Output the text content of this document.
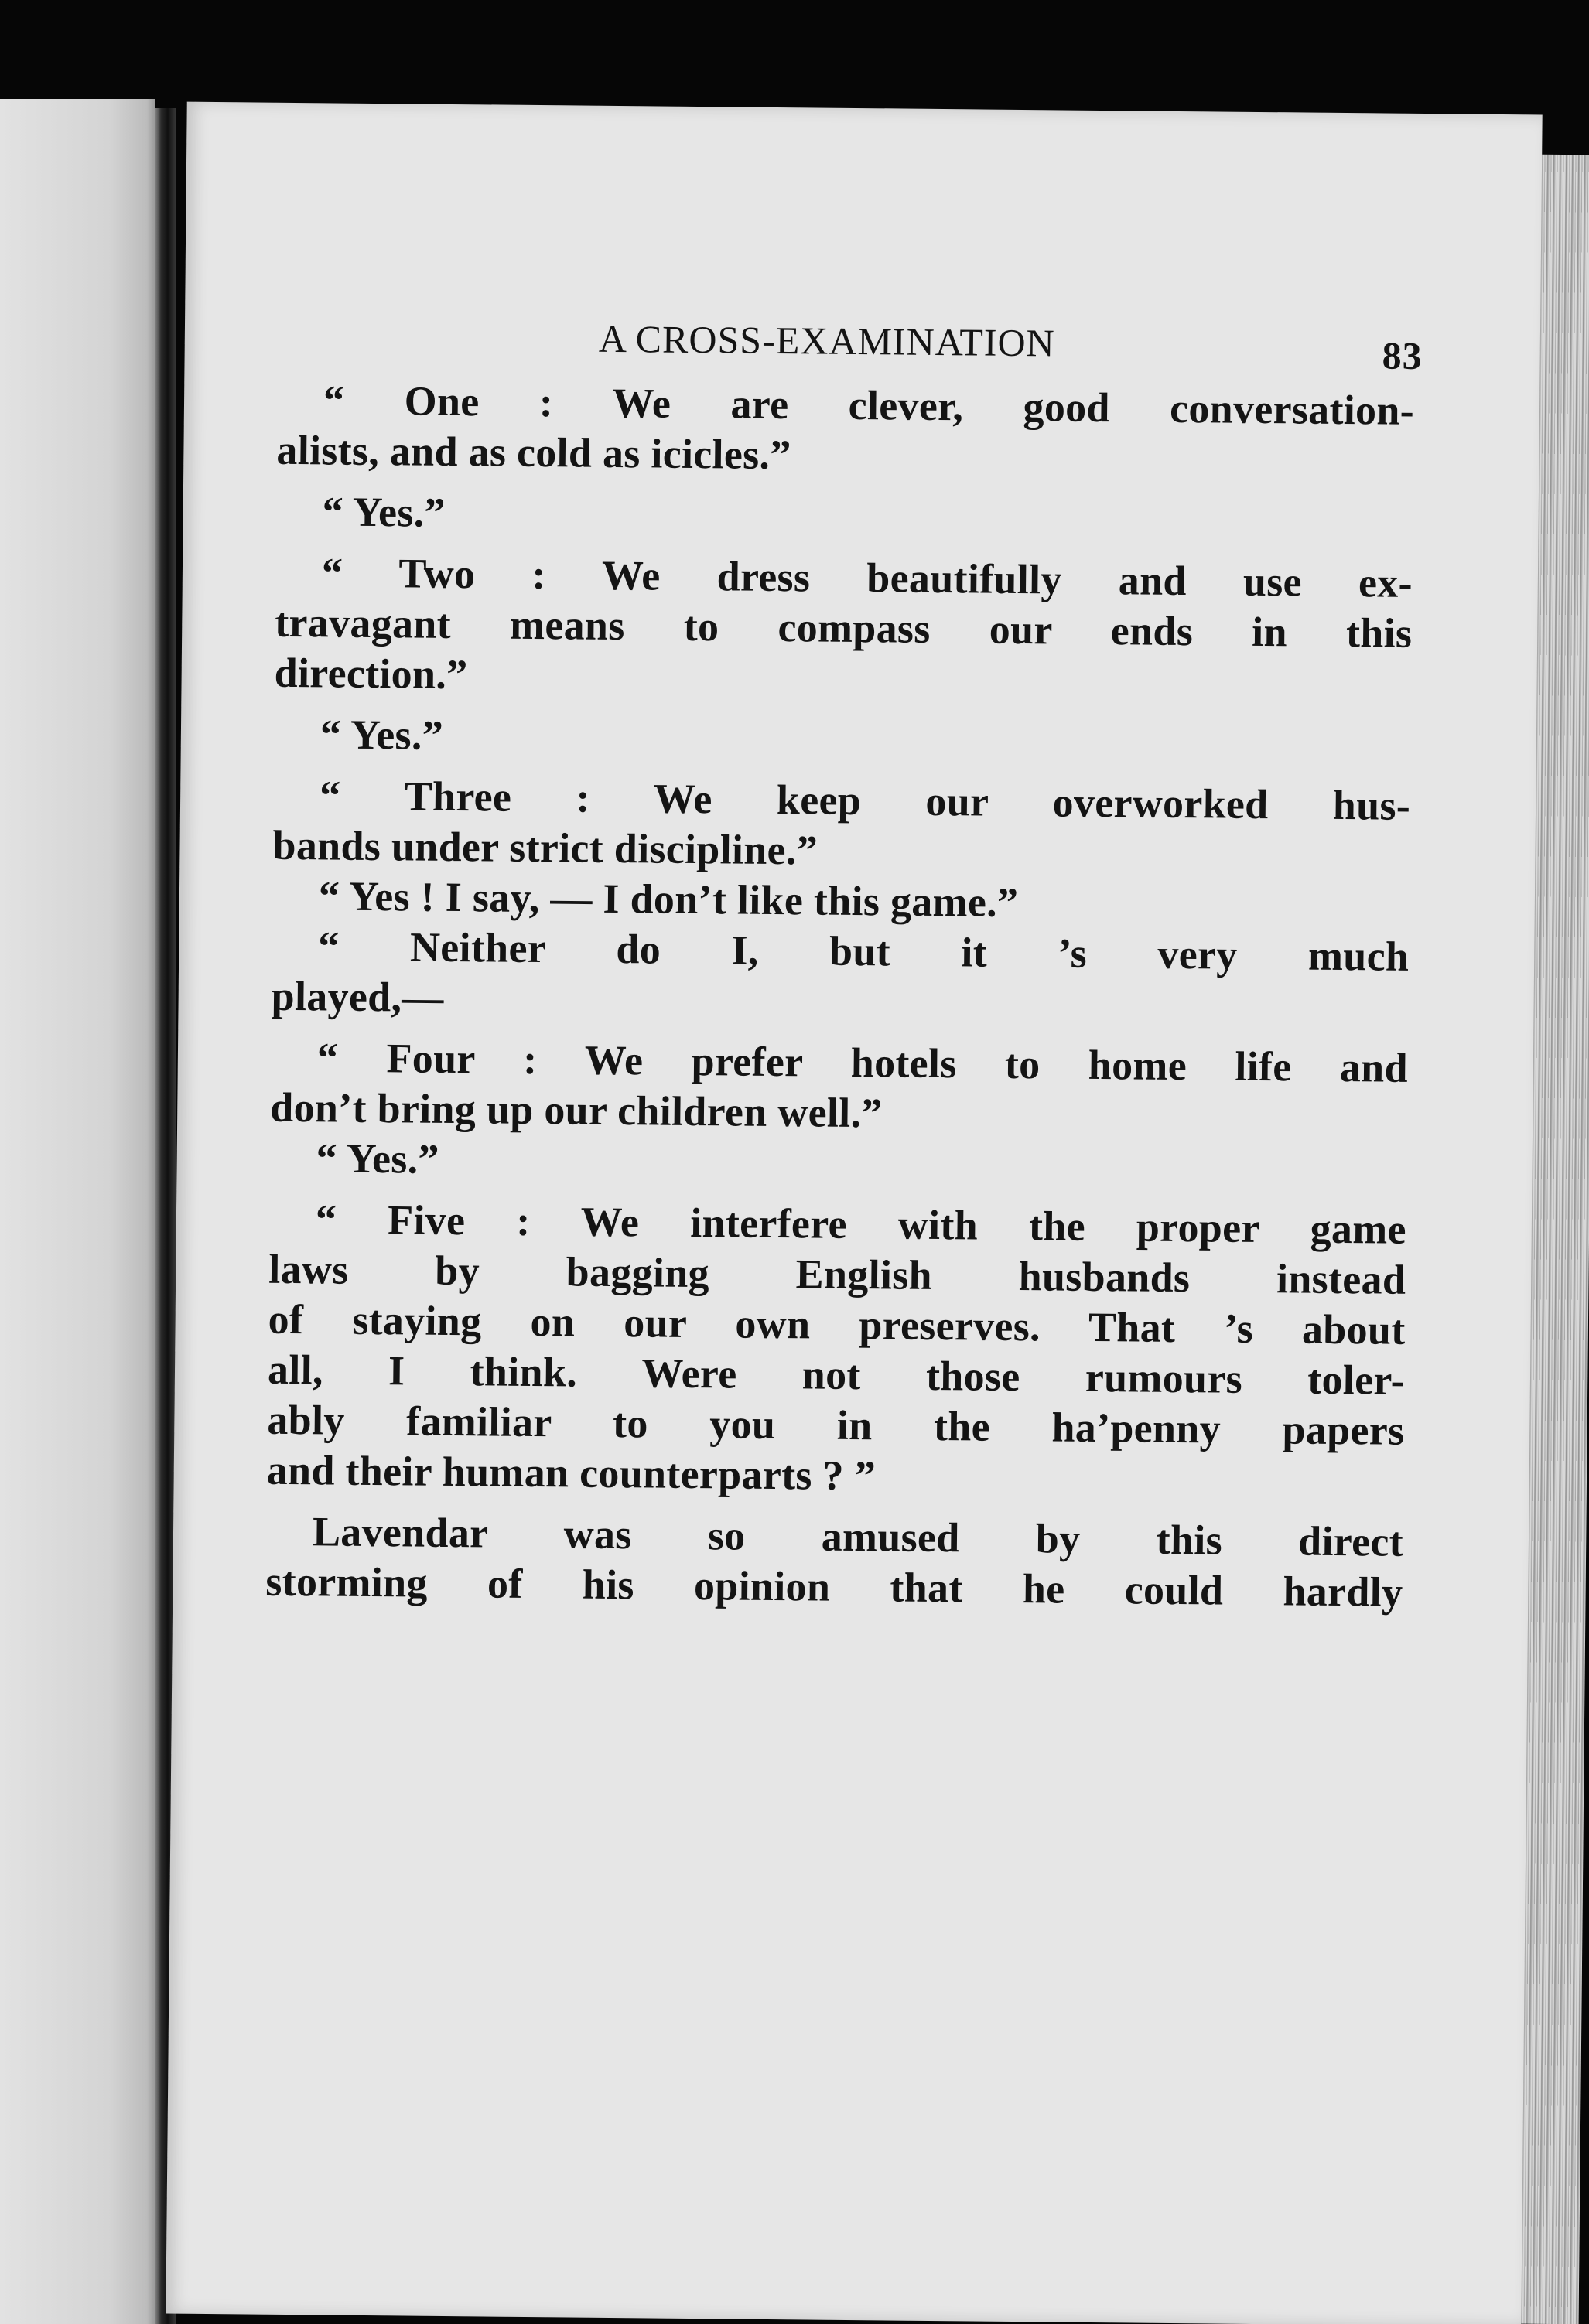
A CROSS-EXAMINATION	83
“ One : We are clever, good conversation-
alists, and as cold as icicles.”
“ Yes.”
“ Two : We dress beautifully and use ex-
travagant means to compass our ends in this
direction.”
“ Yes.”
“ Three : We keep our overworked hus-
bands under strict discipline.”
“ Yes ! I say, — I don’t like this game.”
“ Neither do I, but it ’s very much
played,—
“ Four : We prefer hotels to home life and
don’t bring up our children well.”
“ Yes.”
“ Five : We interfere with the proper game
laws by bagging English husbands instead
of staying on our own preserves. That ’s about
all, I think. Were not those rumours toler-
ably familiar to you in the ha’penny papers
and their human counterparts ? ”
Lavendar was so amused by this direct
storming of his opinion that he could hardly
